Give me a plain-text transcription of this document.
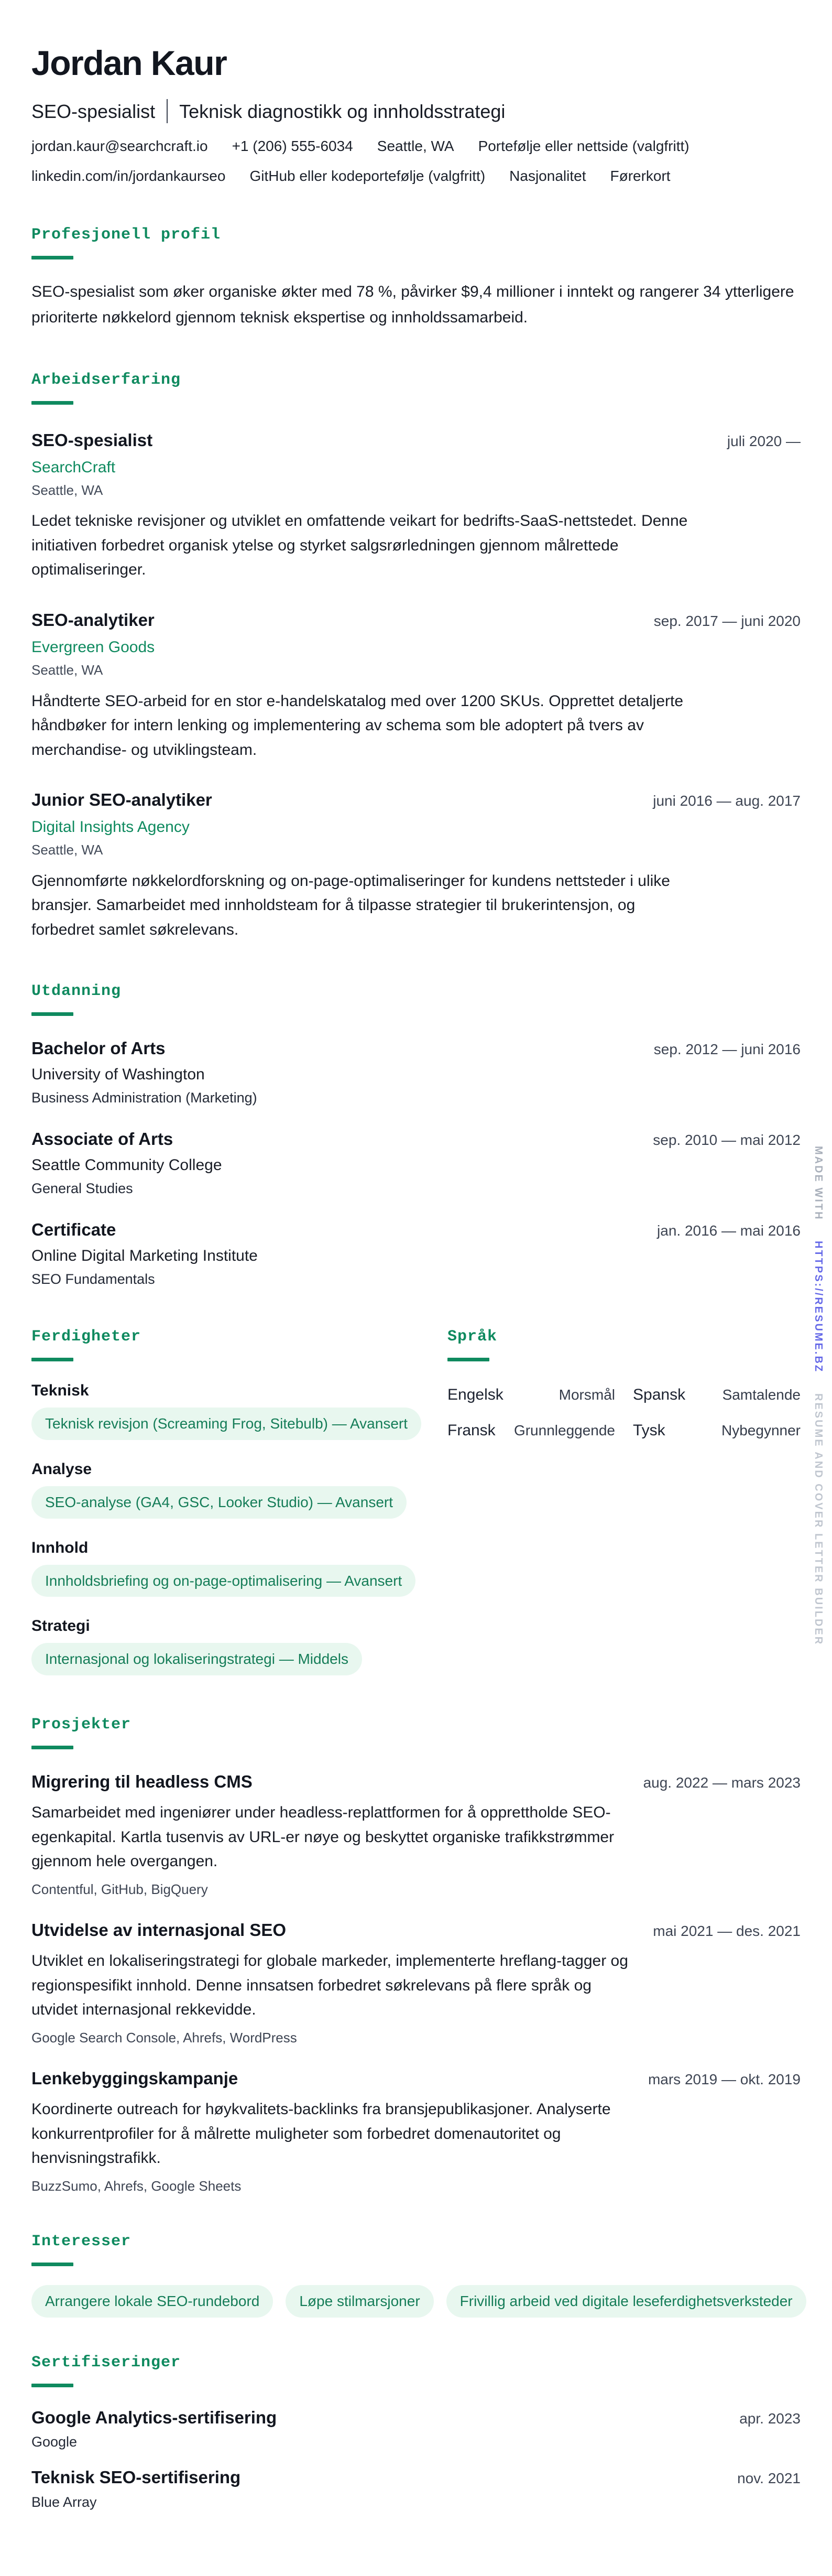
Jordan Kaur
SEO-spesialist Teknisk diagnostikk og innholdsstrategi
jordan.kaur@searchcraft.io +1 (206) 555-6034 Seattle, WA Portefølje eller nettside (valgfritt)
linkedin.com/in/jordankaurseo GitHub eller kodeportefølje (valgfritt) Nasjonalitet Førerkort
Profesjonell profil

SEO-spesialist som øker organiske økter med 78 %, påvirker $9,4 millioner i inntekt og rangerer 34 ytterligere prioriterte nøkkelord gjennom teknisk ekspertise og innholdssamarbeid.

Arbeidserfaring
SEO-spesialist	juli 2020 —
SearchCraft
Seattle, WA

Ledet tekniske revisjoner og utviklet en omfattende veikart for bedrifts-SaaS-nettstedet. Denne initiativen forbedret organisk ytelse og styrket salgsrørledningen gjennom målrettede optimaliseringer.

SEO-analytiker	sep. 2017 — juni 2020
Evergreen Goods
Seattle, WA

Håndterte SEO-arbeid for en stor e-handelskatalog med over 1200 SKUs. Opprettet detaljerte håndbøker for intern lenking og implementering av schema som ble adoptert på tvers av merchandise- og utviklingsteam.

Junior SEO-analytiker	juni 2016 — aug. 2017
Digital Insights Agency
Seattle, WA

Gjennomførte nøkkelordforskning og on-page-optimaliseringer for kundens nettsteder i ulike bransjer. Samarbeidet med innholdsteam for å tilpasse strategier til brukerintensjon, og forbedret samlet søkrelevans.

Utdanning
Bachelor of Arts	sep. 2012 — juni 2016
University of Washington
Business Administration (Marketing)
Associate of Arts	sep. 2010 — mai 2012
Seattle Community College
General Studies
Certificate	jan. 2016 — mai 2016
Online Digital Marketing Institute
SEO Fundamentals
Ferdigheter
Teknisk
Teknisk revisjon (Screaming Frog, Sitebulb) — Avansert
Analyse
SEO-analyse (GA4, GSC, Looker Studio) — Avansert
Innhold
Innholdsbriefing og on-page-optimalisering — Avansert
Strategi
Internasjonal og lokaliseringstrategi — Middels
Språk
Engelsk	Morsmål Spansk	Samtalende
Fransk	Grunnleggende Tysk	Nybegynner
Prosjekter
Migrering til headless CMS	aug. 2022 — mars 2023

Samarbeidet med ingeniører under headless-replattformen for å opprettholde SEO-egenkapital. Kartla tusenvis av URL-er nøye og beskyttet organiske trafikkstrømmer gjennom hele overgangen.

Contentful, GitHub, BigQuery
Utvidelse av internasjonal SEO	mai 2021 — des. 2021

Utviklet en lokaliseringstrategi for globale markeder, implementerte hreflang-tagger og regionspesifikt innhold. Denne innsatsen forbedret søkrelevans på flere språk og utvidet internasjonal rekkevidde.

Google Search Console, Ahrefs, WordPress
Lenkebyggingskampanje	mars 2019 — okt. 2019

Koordinerte outreach for høykvalitets-backlinks fra bransjepublikasjoner. Analyserte konkurrentprofiler for å målrette muligheter som forbedret domenautoritet og henvisningstrafikk.

BuzzSumo, Ahrefs, Google Sheets
Interesser
Arrangere lokale SEO-rundebord	Løpe stilmarsjoner	Frivillig arbeid ved digitale leseferdighetsverksteder
Sertifiseringer
Google Analytics-sertifisering	apr. 2023
Google
Teknisk SEO-sertifisering	nov. 2021
Blue Array
MADE WITH HTTPS://RESUME.BZ RESUME AND COVER LETTER BUILDER
